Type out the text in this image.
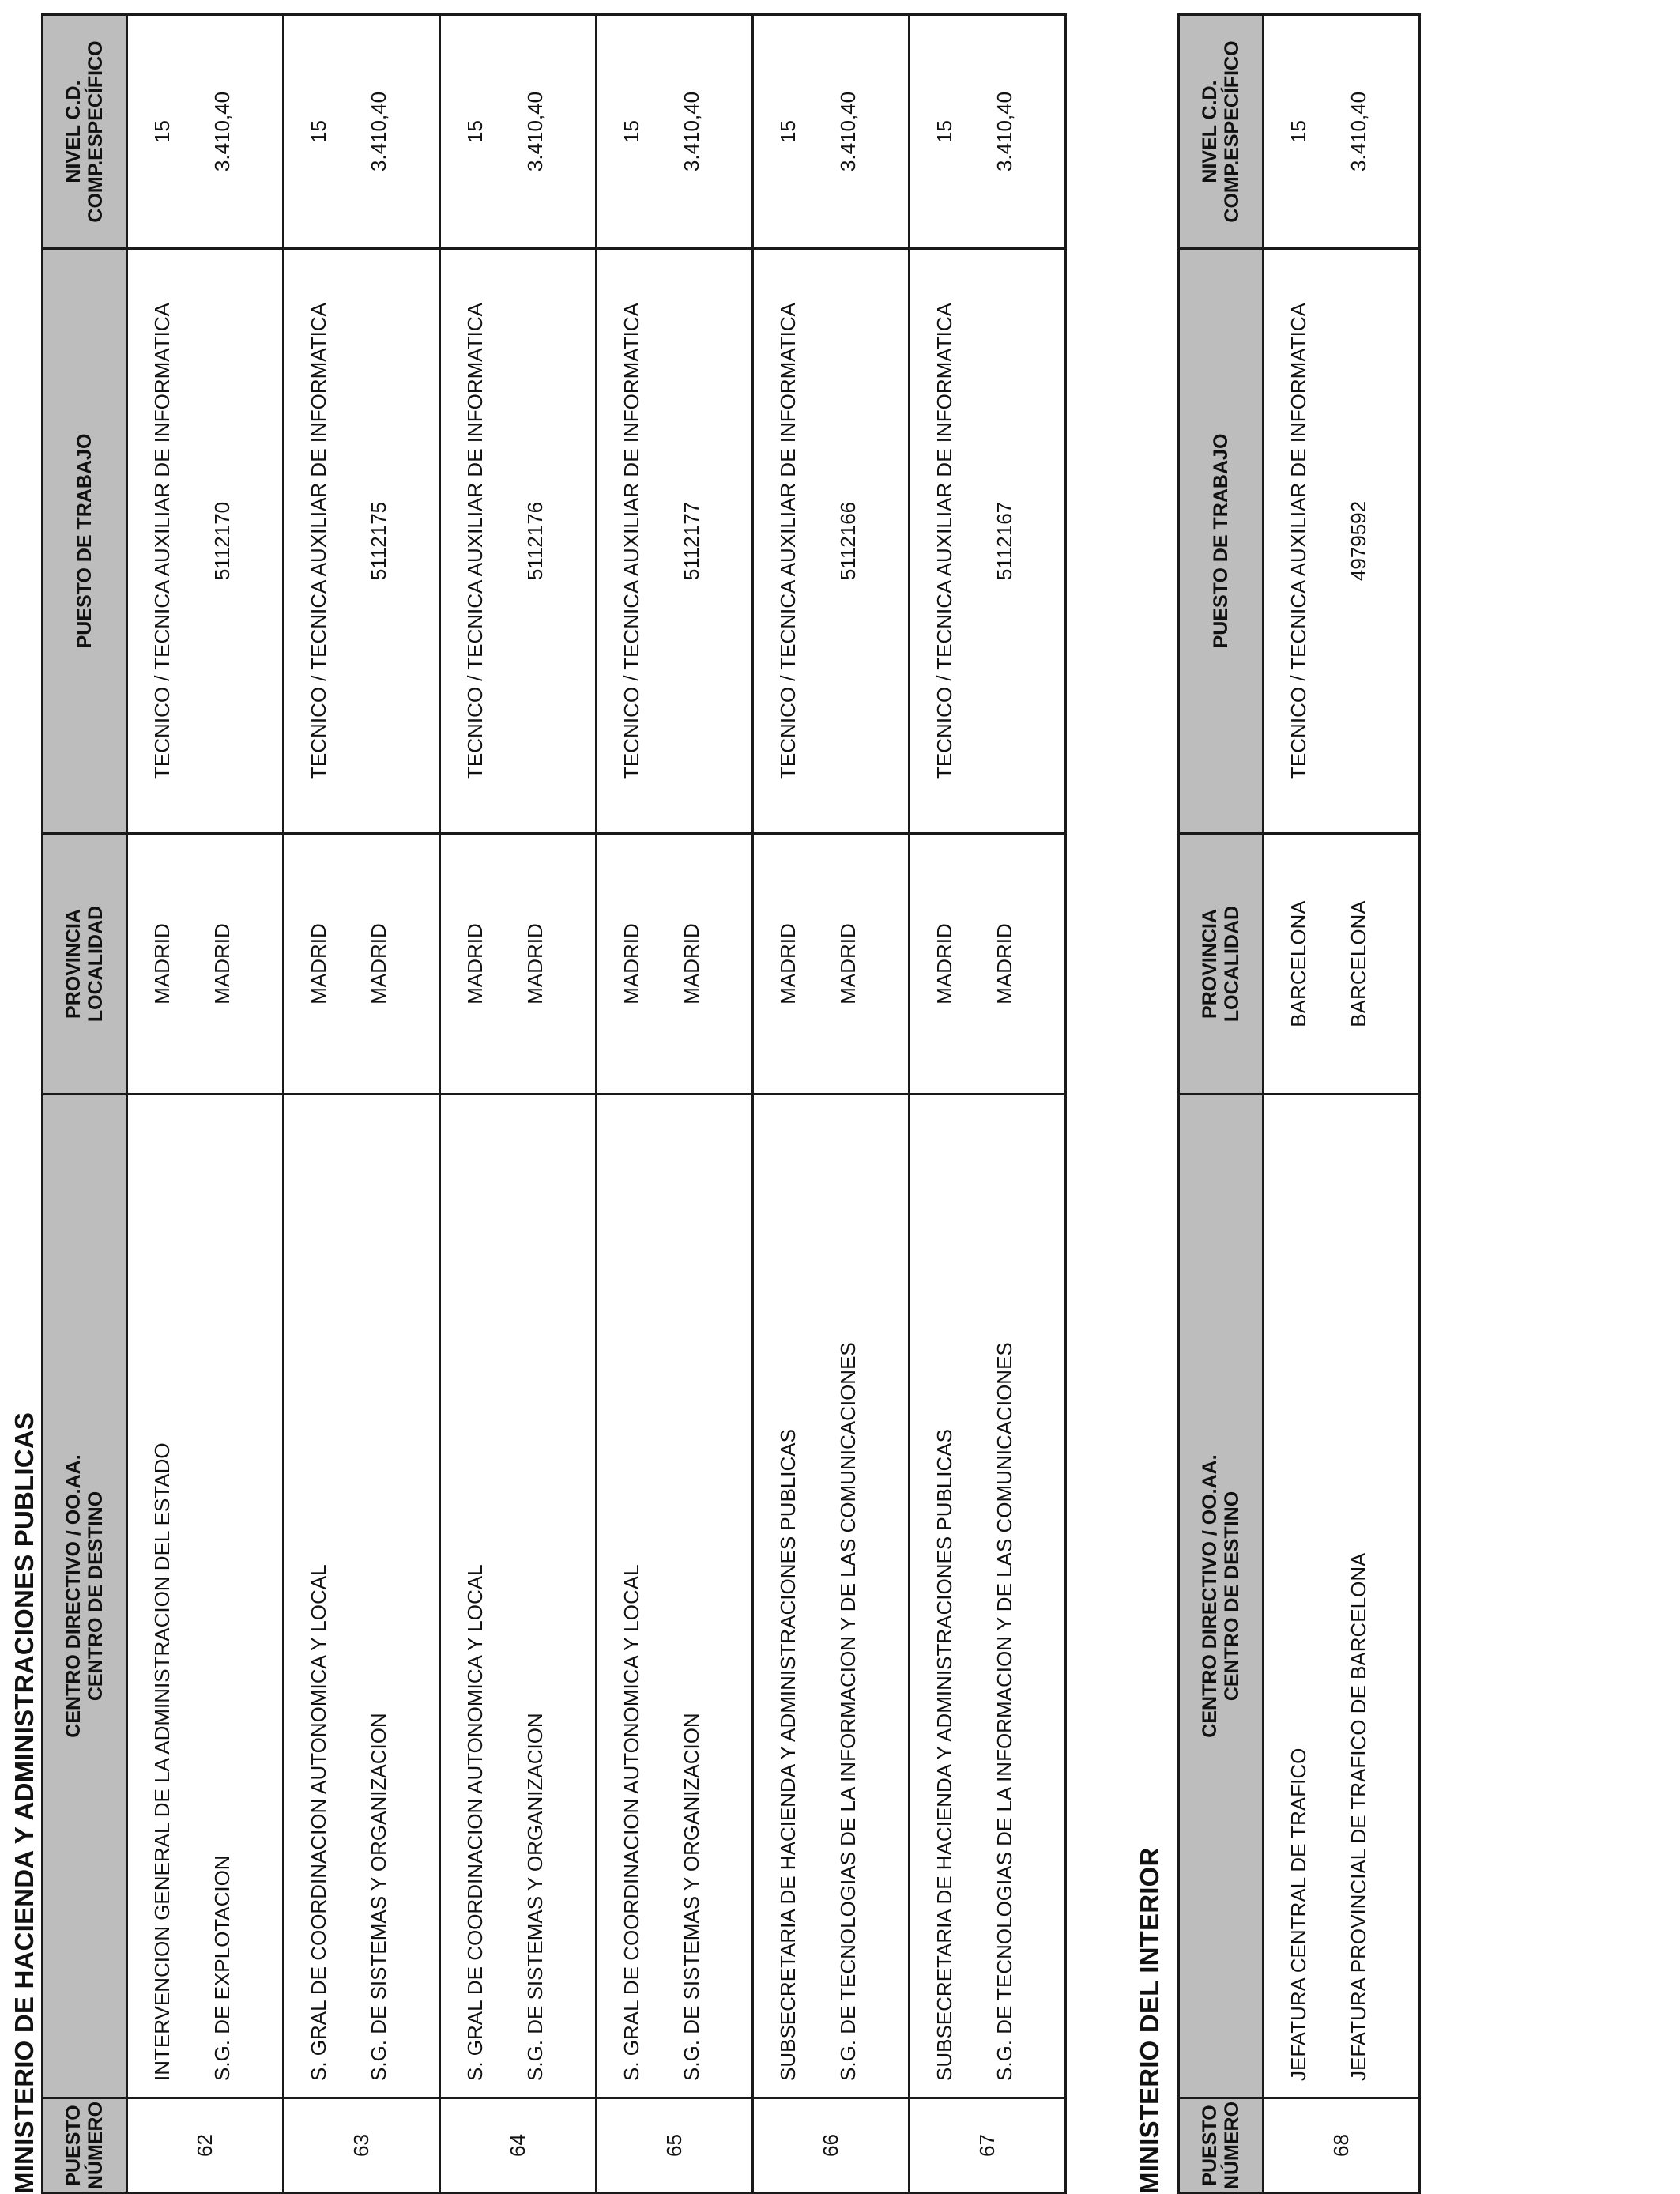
MINISTERIO DE HACIENDA Y ADMINISTRACIONES PUBLICAS PUESTO NÚMERO	CENTRO DIRECTIVO / OO.AA. CENTRO DE DESTINO	PROVINCIA LOCALIDAD	PUESTO DE TRABAJO	NIVEL C.D. COMP.ESPECÍFICO

62	INTERVENCION GENERAL DE LA ADMINISTRACION DEL ESTADO S.G. DE EXPLOTACION	MADRID MADRID	TECNICO / TECNICA AUXILIAR DE INFORMATICA 5112170	15 3.410,40

63	S. GRAL DE COORDINACION AUTONOMICA Y LOCAL S.G. DE SISTEMAS Y ORGANIZACION	MADRID MADRID	TECNICO / TECNICA AUXILIAR DE INFORMATICA 5112175	15 3.410,40

64	S. GRAL DE COORDINACION AUTONOMICA Y LOCAL S.G. DE SISTEMAS Y ORGANIZACION	MADRID MADRID	TECNICO / TECNICA AUXILIAR DE INFORMATICA 5112176	15 3.410,40

65	S. GRAL DE COORDINACION AUTONOMICA Y LOCAL S.G. DE SISTEMAS Y ORGANIZACION	MADRID MADRID	TECNICO / TECNICA AUXILIAR DE INFORMATICA 5112177	15 3.410,40

66	SUBSECRETARIA DE HACIENDA Y ADMINISTRACIONES PUBLICAS S.G. DE TECNOLOGIAS DE LA INFORMACION Y DE LAS COMUNICACIONES	MADRID MADRID	TECNICO / TECNICA AUXILIAR DE INFORMATICA 5112166	15 3.410,40

67	SUBSECRETARIA DE HACIENDA Y ADMINISTRACIONES PUBLICAS S.G. DE TECNOLOGIAS DE LA INFORMACION Y DE LAS COMUNICACIONES	MADRID MADRID	TECNICO / TECNICA AUXILIAR DE INFORMATICA 5112167	15 3.410,40
MINISTERIO DEL INTERIOR PUESTO NÚMERO	CENTRO DIRECTIVO / OO.AA. CENTRO DE DESTINO	PROVINCIA LOCALIDAD	PUESTO DE TRABAJO	NIVEL C.D. COMP.ESPECÍFICO

68	JEFATURA CENTRAL DE TRAFICO JEFATURA PROVINCIAL DE TRAFICO DE BARCELONA	BARCELONA BARCELONA	TECNICO / TECNICA AUXILIAR DE INFORMATICA 4979592	15 3.410,40
